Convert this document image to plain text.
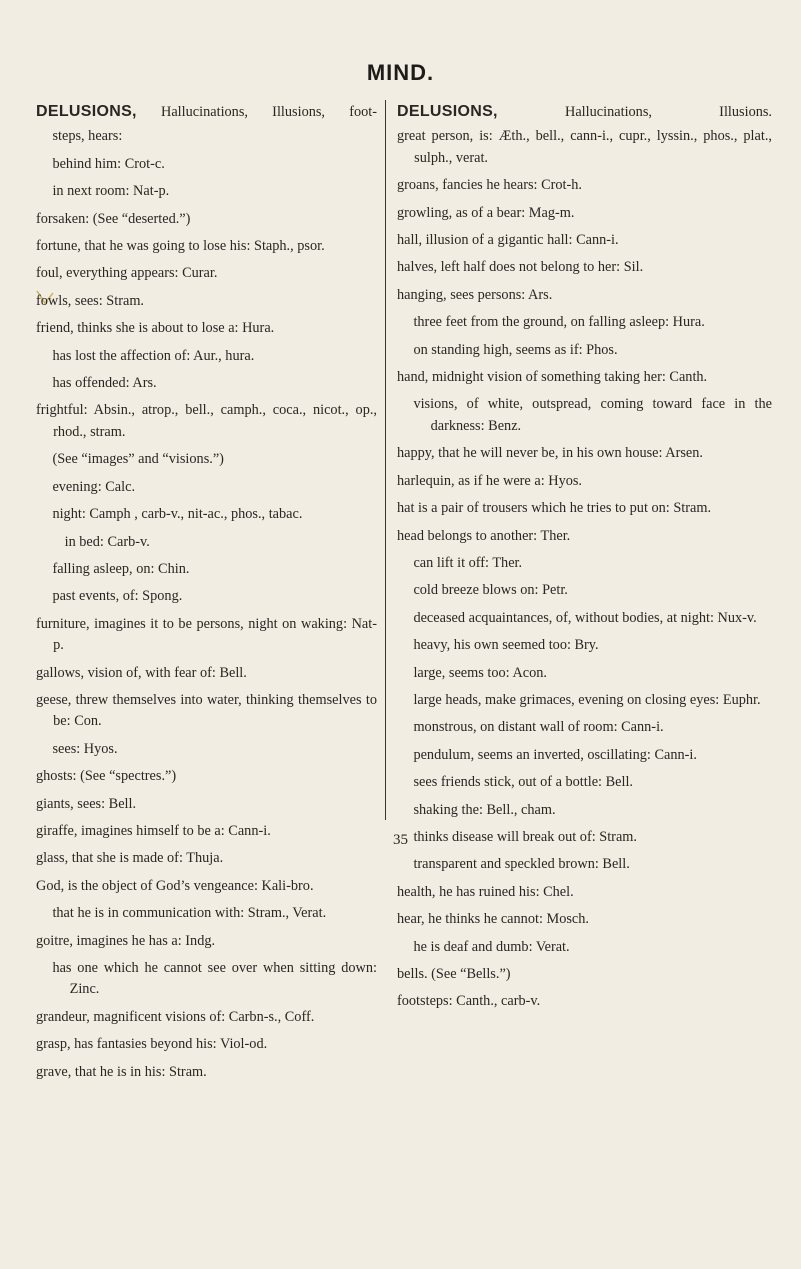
MIND.
DELUSIONS, Hallucinations, Illusions, foot-
steps, hears:
behind him: Crot-c.
in next room: Nat-p.
forsaken: (See “deserted.”)
fortune, that he was going to lose his: Staph., psor.
foul, everything appears: Curar.
fowls, sees: Stram.
friend, thinks she is about to lose a: Hura.
has lost the affection of: Aur., hura.
has offended: Ars.
frightful: Absin., atrop., bell., camph., coca., nicot., op., rhod., stram.
(See “images” and “visions.”)
evening: Calc.
night: Camph , carb-v., nit-ac., phos., tabac.
in bed: Carb-v.
falling asleep, on: Chin.
past events, of: Spong.
furniture, imagines it to be persons, night on waking: Nat-p.
gallows, vision of, with fear of: Bell.
geese, threw themselves into water, thinking themselves to be: Con.
sees: Hyos.
ghosts: (See “spectres.”)
giants, sees: Bell.
giraffe, imagines himself to be a: Cann-i.
glass, that she is made of: Thuja.
God, is the object of God’s vengeance: Kali-bro.
that he is in communication with: Stram., Verat.
goitre, imagines he has a: Indg.
has one which he cannot see over when sitting down: Zinc.
grandeur, magnificent visions of: Carbn-s., Coff.
grasp, has fantasies beyond his: Viol-od.
grave, that he is in his: Stram.
DELUSIONS,	Hallucinations, Illusions.
great person, is: Æth., bell., cann-i., cupr., lyssin., phos., plat., sulph., verat.
groans, fancies he hears: Crot-h.
growling, as of a bear: Mag-m.
hall, illusion of a gigantic hall: Cann-i.
halves, left half does not belong to her: Sil.
hanging, sees persons: Ars.
three feet from the ground, on falling asleep: Hura.
on standing high, seems as if: Phos.
hand, midnight vision of something taking her: Canth.
visions, of white, outspread, coming toward face in the darkness: Benz.
happy, that he will never be, in his own house: Arsen.
harlequin, as if he were a: Hyos.
hat is a pair of trousers which he tries to put on: Stram.
head belongs to another: Ther.
can lift it off: Ther.
cold breeze blows on: Petr.
deceased acquaintances, of, without bodies, at night: Nux-v.
heavy, his own seemed too: Bry.
large, seems too: Acon.
large heads, make grimaces, evening on closing eyes: Euphr.
monstrous, on distant wall of room: Cann-i.
pendulum, seems an inverted, oscillating: Cann-i.
sees friends stick, out of a bottle: Bell.
shaking the: Bell., cham.
thinks disease will break out of: Stram.
transparent and speckled brown: Bell.
health, he has ruined his: Chel.
hear, he thinks he cannot: Mosch.
he is deaf and dumb: Verat.
bells. (See “Bells.”)
footsteps: Canth., carb-v.
35
